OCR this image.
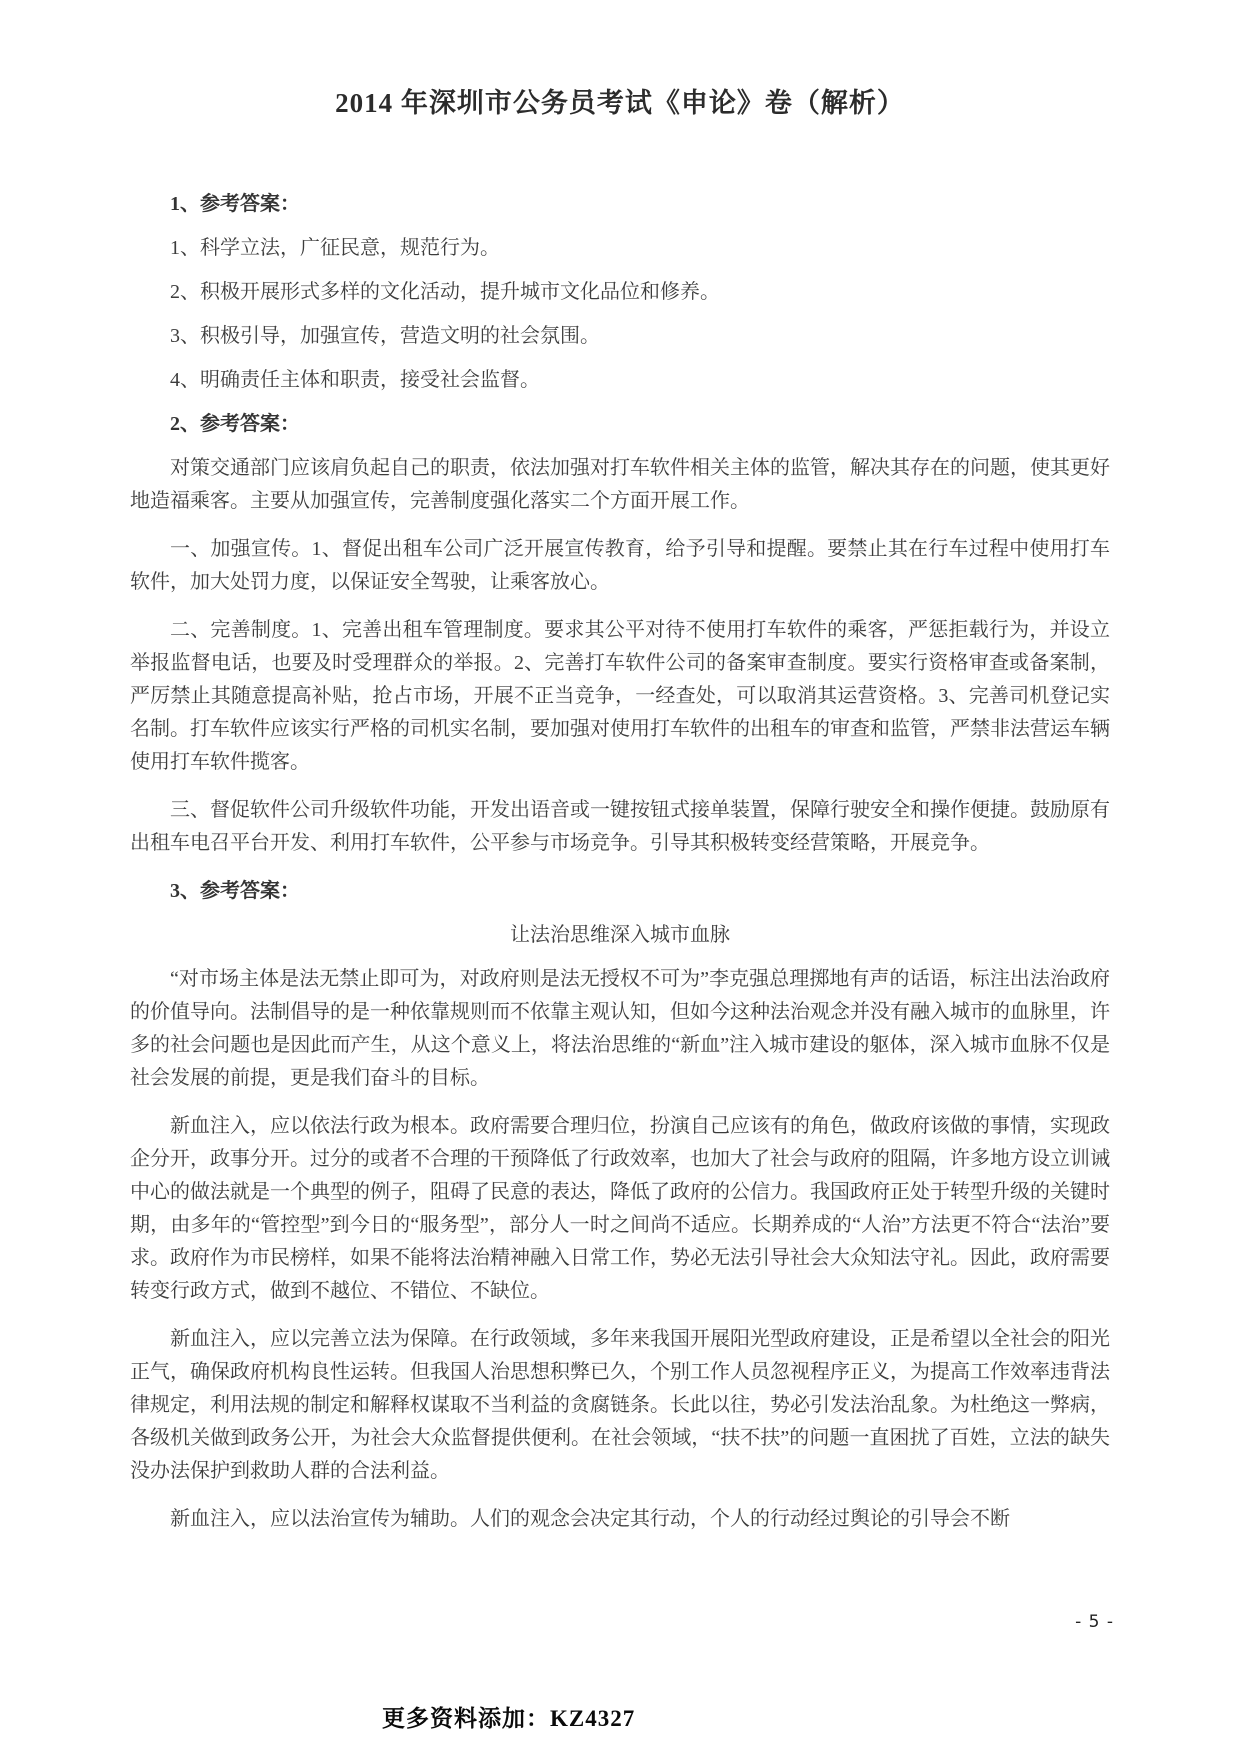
2014 年深圳市公务员考试《申论》卷（解析）

1、参考答案：

1、科学立法，广征民意，规范行为。

2、积极开展形式多样的文化活动，提升城市文化品位和修养。

3、积极引导，加强宣传，营造文明的社会氛围。

4、明确责任主体和职责，接受社会监督。

2、参考答案：

对策交通部门应该肩负起自己的职责，依法加强对打车软件相关主体的监管，解决其存在的问题，使其更好地造福乘客。主要从加强宣传，完善制度强化落实二个方面开展工作。

一、加强宣传。1、督促出租车公司广泛开展宣传教育，给予引导和提醒。要禁止其在行车过程中使用打车软件，加大处罚力度，以保证安全驾驶，让乘客放心。

二、完善制度。1、完善出租车管理制度。要求其公平对待不使用打车软件的乘客，严惩拒载行为，并设立举报监督电话，也要及时受理群众的举报。2、完善打车软件公司的备案审查制度。要实行资格审查或备案制，严厉禁止其随意提高补贴，抢占市场，开展不正当竞争，一经查处，可以取消其运营资格。3、完善司机登记实名制。打车软件应该实行严格的司机实名制，要加强对使用打车软件的出租车的审查和监管，严禁非法营运车辆使用打车软件揽客。

三、督促软件公司升级软件功能，开发出语音或一键按钮式接单装置，保障行驶安全和操作便捷。鼓励原有出租车电召平台开发、利用打车软件，公平参与市场竞争。引导其积极转变经营策略，开展竞争。

3、参考答案：

让法治思维深入城市血脉

“对市场主体是法无禁止即可为，对政府则是法无授权不可为”李克强总理掷地有声的话语，标注出法治政府的价值导向。法制倡导的是一种依靠规则而不依靠主观认知，但如今这种法治观念并没有融入城市的血脉里，许多的社会问题也是因此而产生，从这个意义上，将法治思维的“新血”注入城市建设的躯体，深入城市血脉不仅是社会发展的前提，更是我们奋斗的目标。

新血注入，应以依法行政为根本。政府需要合理归位，扮演自己应该有的角色，做政府该做的事情，实现政企分开，政事分开。过分的或者不合理的干预降低了行政效率，也加大了社会与政府的阻隔，许多地方设立训诫中心的做法就是一个典型的例子，阻碍了民意的表达，降低了政府的公信力。我国政府正处于转型升级的关键时期，由多年的“管控型”到今日的“服务型”，部分人一时之间尚不适应。长期养成的“人治”方法更不符合“法治”要求。政府作为市民榜样，如果不能将法治精神融入日常工作，势必无法引导社会大众知法守礼。因此，政府需要转变行政方式，做到不越位、不错位、不缺位。

新血注入，应以完善立法为保障。在行政领域，多年来我国开展阳光型政府建设，正是希望以全社会的阳光正气，确保政府机构良性运转。但我国人治思想积弊已久，个别工作人员忽视程序正义，为提高工作效率违背法律规定，利用法规的制定和解释权谋取不当利益的贪腐链条。长此以往，势必引发法治乱象。为杜绝这一弊病，各级机关做到政务公开，为社会大众监督提供便利。在社会领域，“扶不扶”的问题一直困扰了百姓，立法的缺失没办法保护到救助人群的合法利益。

新血注入，应以法治宣传为辅助。人们的观念会决定其行动，个人的行动经过舆论的引导会不断

- 5 -
更多资料添加：KZ4327
